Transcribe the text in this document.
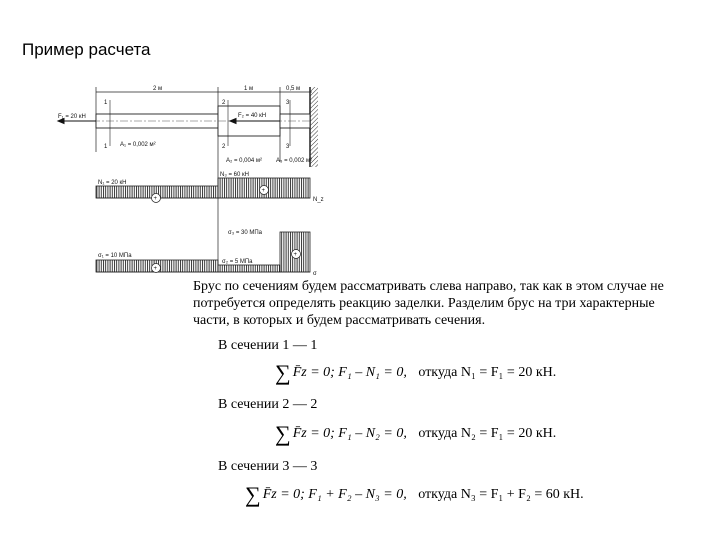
Пример расчета
2 м	1 м	0,5 м
1
1
2
2
3
3
F₁ = 20 кН	F₂ = 40 кН
A₁ = 0,002 м²
A₂ = 0,004 м² A₃ = 0,002 м²
+
+
N₁ = 20 кН
N₃ = 60 кН
N_z
+
+
σ₁ = 10 МПа
σ₂ = 5 МПа
σ₃ = 30 МПа
σ

Брус по сечениям будем рассматривать слева направо, так как в этом случае не потребуется определять реакцию заделки. Разделим брус на три характерные части, в которых и будем рассматривать сечения.

В сечении 1 — 1
∑ F̄z = 0; F₁ – N₁ = 0, откуда N₁ = F₁ = 20 кН.
В сечении 2 — 2
∑ F̄z = 0; F₁ – N₂ = 0, откуда N₂ = F₁ = 20 кН.
В сечении 3 — 3
∑ F̄z = 0; F₁ + F₂ – N₃ = 0, откуда N₃ = F₁ + F₂ = 60 кН.
